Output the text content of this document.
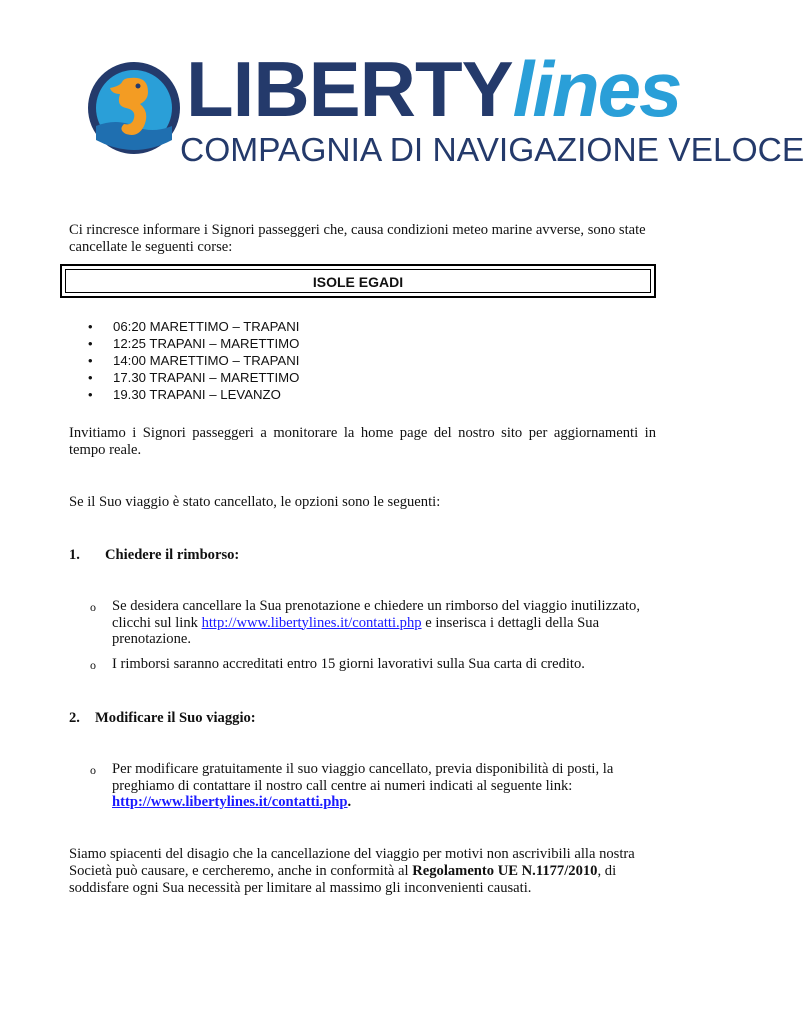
LIBERTYlines
COMPAGNIA DI NAVIGAZIONE VELOCE
Ci rincresce informare i Signori passeggeri che, causa condizioni meteo marine avverse, sono state cancellate le seguenti corse:
ISOLE EGADI
• 06:20 MARETTIMO – TRAPANI
• 12:25 TRAPANI – MARETTIMO
• 14:00 MARETTIMO – TRAPANI
• 17.30 TRAPANI – MARETTIMO
• 19.30 TRAPANI – LEVANZO
Invitiamo i Signori passeggeri a monitorare la home page del nostro sito per aggiornamenti in tempo reale.
Se il Suo viaggio è stato cancellato, le opzioni sono le seguenti:
1. Chiedere il rimborso:
o Se desidera cancellare la Sua prenotazione e chiedere un rimborso del viaggio inutilizzato, clicchi sul link http://www.libertylines.it/contatti.php e inserisca i dettagli della Sua prenotazione.
o I rimborsi saranno accreditati entro 15 giorni lavorativi sulla Sua carta di credito.
2. Modificare il Suo viaggio:
o Per modificare gratuitamente il suo viaggio cancellato, previa disponibilità di posti, la preghiamo di contattare il nostro call centre ai numeri indicati al seguente link: http://www.libertylines.it/contatti.php.
Siamo spiacenti del disagio che la cancellazione del viaggio per motivi non ascrivibili alla nostra Società può causare, e cercheremo, anche in conformità al Regolamento UE N.1177/2010, di soddisfare ogni Sua necessità per limitare al massimo gli inconvenienti causati.
